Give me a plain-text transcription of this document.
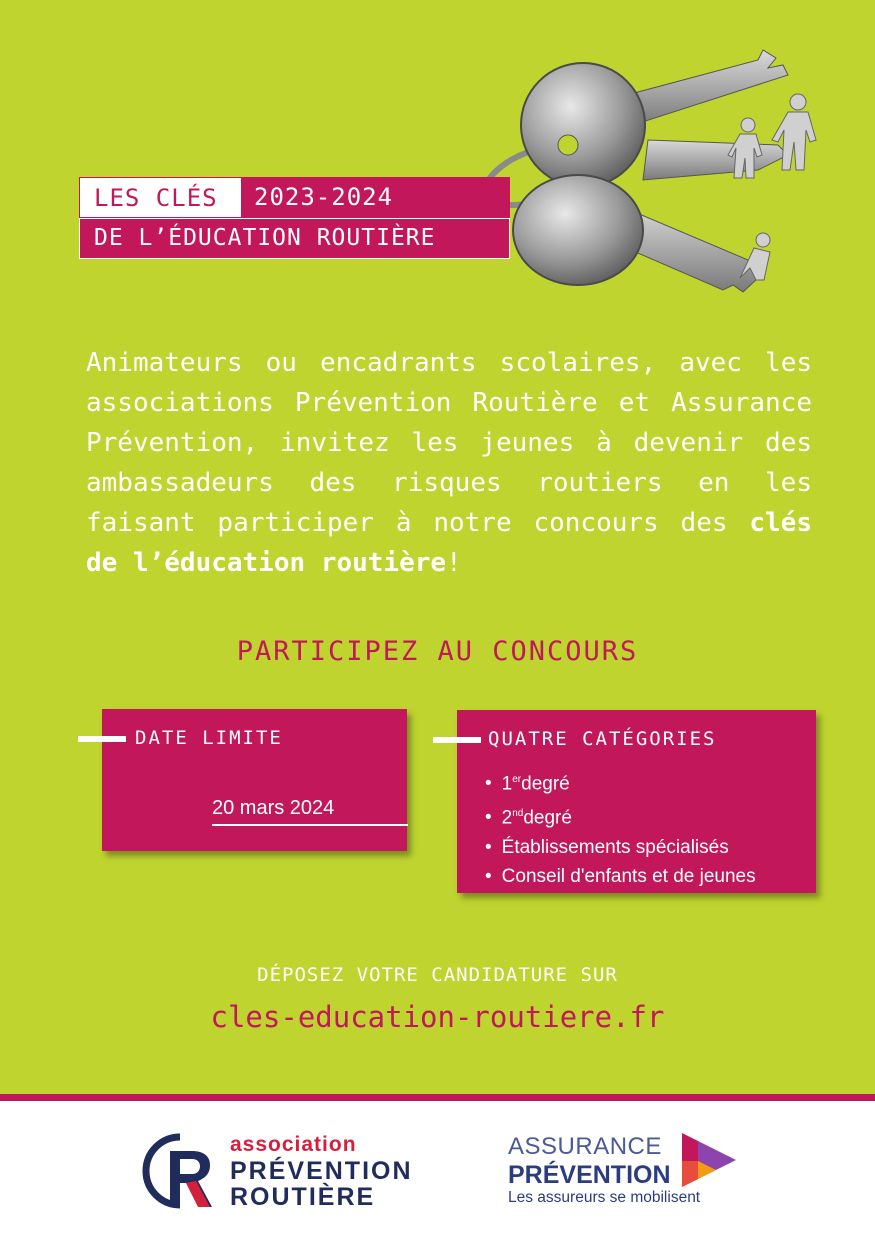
LES CLÉS	2023-2024
DE L’ÉDUCATION ROUTIÈRE
Animateurs ou encadrants scolaires, avec les associations Prévention Routière et Assurance Prévention, invitez les jeunes à devenir des ambassadeurs des risques routiers en les faisant participer à notre concours des clés de l’éducation routière!
PARTICIPEZ AU CONCOURS
DATE LIMITE
20 mars 2024
QUATRE CATÉGORIES
• 1erdegré
• 2nddegré
• Établissements spécialisés
• Conseil d'enfants et de jeunes
DÉPOSEZ VOTRE CANDIDATURE SUR
cles-education-routiere.fr
association
PRÉVENTION
ROUTIÈRE
ASSURANCE
PRÉVENTION
Les assureurs se mobilisent
